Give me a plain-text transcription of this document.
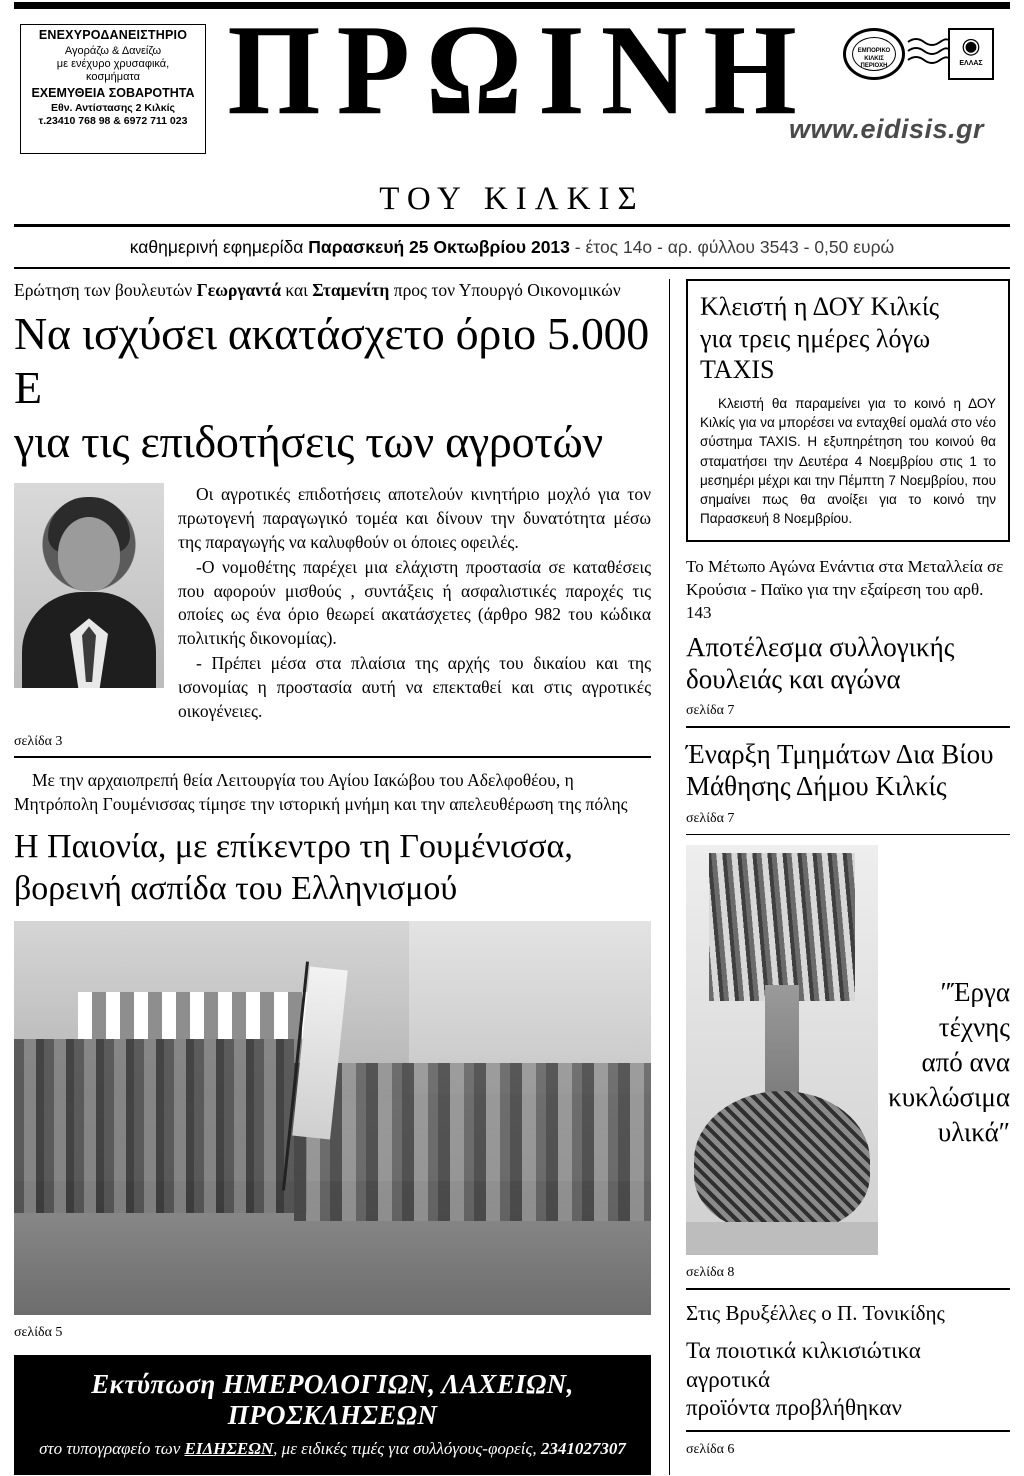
ΕΝΕΧΥΡΟΔΑΝΕΙΣΤΗΡΙΟ
Αγοράζω & Δανείζω
με ενέχυρο χρυσαφικά,
κοσμήματα
ΕΧΕΜΥΘΕΙΑ ΣΟΒΑΡΟΤΗΤΑ
Εθν. Αντίστασης 2 Κιλκίς
τ.23410 768 98 & 6972 711 023 ΠΡΩΙΝΗ
www.eidisis.gr
ΕΜΠΟΡΙΚΟ ΚΙΛΚΙΣ ΠΕΡΙΟΧΗ
◉
ΕΛΛΑΣ
ΤΟΥ ΚΙΛΚΙΣ
καθημερινή εφημερίδα Παρασκευή 25 Οκτωβρίου 2013 - έτος 14ο - αρ. φύλλου 3543 - 0,50 ευρώ
Ερώτηση των βουλευτών Γεωργαντά και Σταμενίτη προς τον Υπουργό Οικονομικών
Να ισχύσει ακατάσχετο όριο 5.000 Ε
για τις επιδοτήσεις των αγροτών

Οι αγροτικές επιδοτήσεις αποτελούν κινητήριο μοχλό για τον πρωτογενή παραγωγικό τομέα και δίνουν την δυνατότητα μέσω της παραγωγής να καλυφθούν οι όποιες οφειλές.

-Ο νομοθέτης παρέχει μια ελάχιστη προστασία σε καταθέσεις που αφορούν μισθούς , συντάξεις ή ασφαλιστικές παροχές τις οποίες ως ένα όριο θεωρεί ακατάσχετες (άρθρο 982 του κώδικα πολιτικής δικονομίας).

- Πρέπει μέσα στα πλαίσια της αρχής του δικαίου και της ισονομίας η προστασία αυτή να επεκταθεί και στις αγροτικές οικογένειες.

σελίδα 3
Με την αρχαιοπρεπή θεία Λειτουργία του Αγίου Ιακώβου του Αδελφοθέου, η Μητρόπολη Γουμένισσας τίμησε την ιστορική μνήμη και την απελευθέρωση της πόλης
Η Παιονία, με επίκεντρο τη Γουμένισσα,
βορεινή ασπίδα του Ελληνισμού
σελίδα 5
Εκτύπωση ΗΜΕΡΟΛΟΓΙΩΝ, ΛΑΧΕΙΩΝ, ΠΡΟΣΚΛΗΣΕΩΝ
στο τυπογραφείο των ΕΙΔΗΣΕΩΝ, με ειδικές τιμές για συλλόγους-φορείς, 2341027307
Κλειστή η ΔΟΥ Κιλκίς
για τρεις ημέρες λόγω TAXIS

Κλειστή θα παραμείνει για το κοινό η ΔΟΥ Κιλκίς για να μπορέσει να ενταχθεί ομαλά στο νέο σύστημα TAXIS. Η εξυπηρέτηση του κοινού θα σταματήσει την Δευτέρα 4 Νοεμβρίου στις 1 το μεσημέρι μέχρι και την Πέμπτη 7 Νοεμβρίου, που σημαίνει πως θα ανοίξει για το κοινό την Παρασκευή 8 Νοεμβρίου.

Το Μέτωπο Αγώνα Ενάντια στα Μεταλλεία σε Κρούσια - Παϊκο για την εξαίρεση του αρθ. 143
Αποτέλεσμα συλλογικής
δουλειάς και αγώνα
σελίδα 7
Έναρξη Τμημάτων Δια Βίου
Μάθησης Δήμου Κιλκίς
σελίδα 7
″Έργα
τέχνης
από ανα
κυκλώσιμα
υλικά″
σελίδα 8
Στις Βρυξέλλες ο Π. Τονικίδης
Τα ποιοτικά κιλκισιώτικα αγροτικά
προϊόντα προβλήθηκαν
σελίδα 6
